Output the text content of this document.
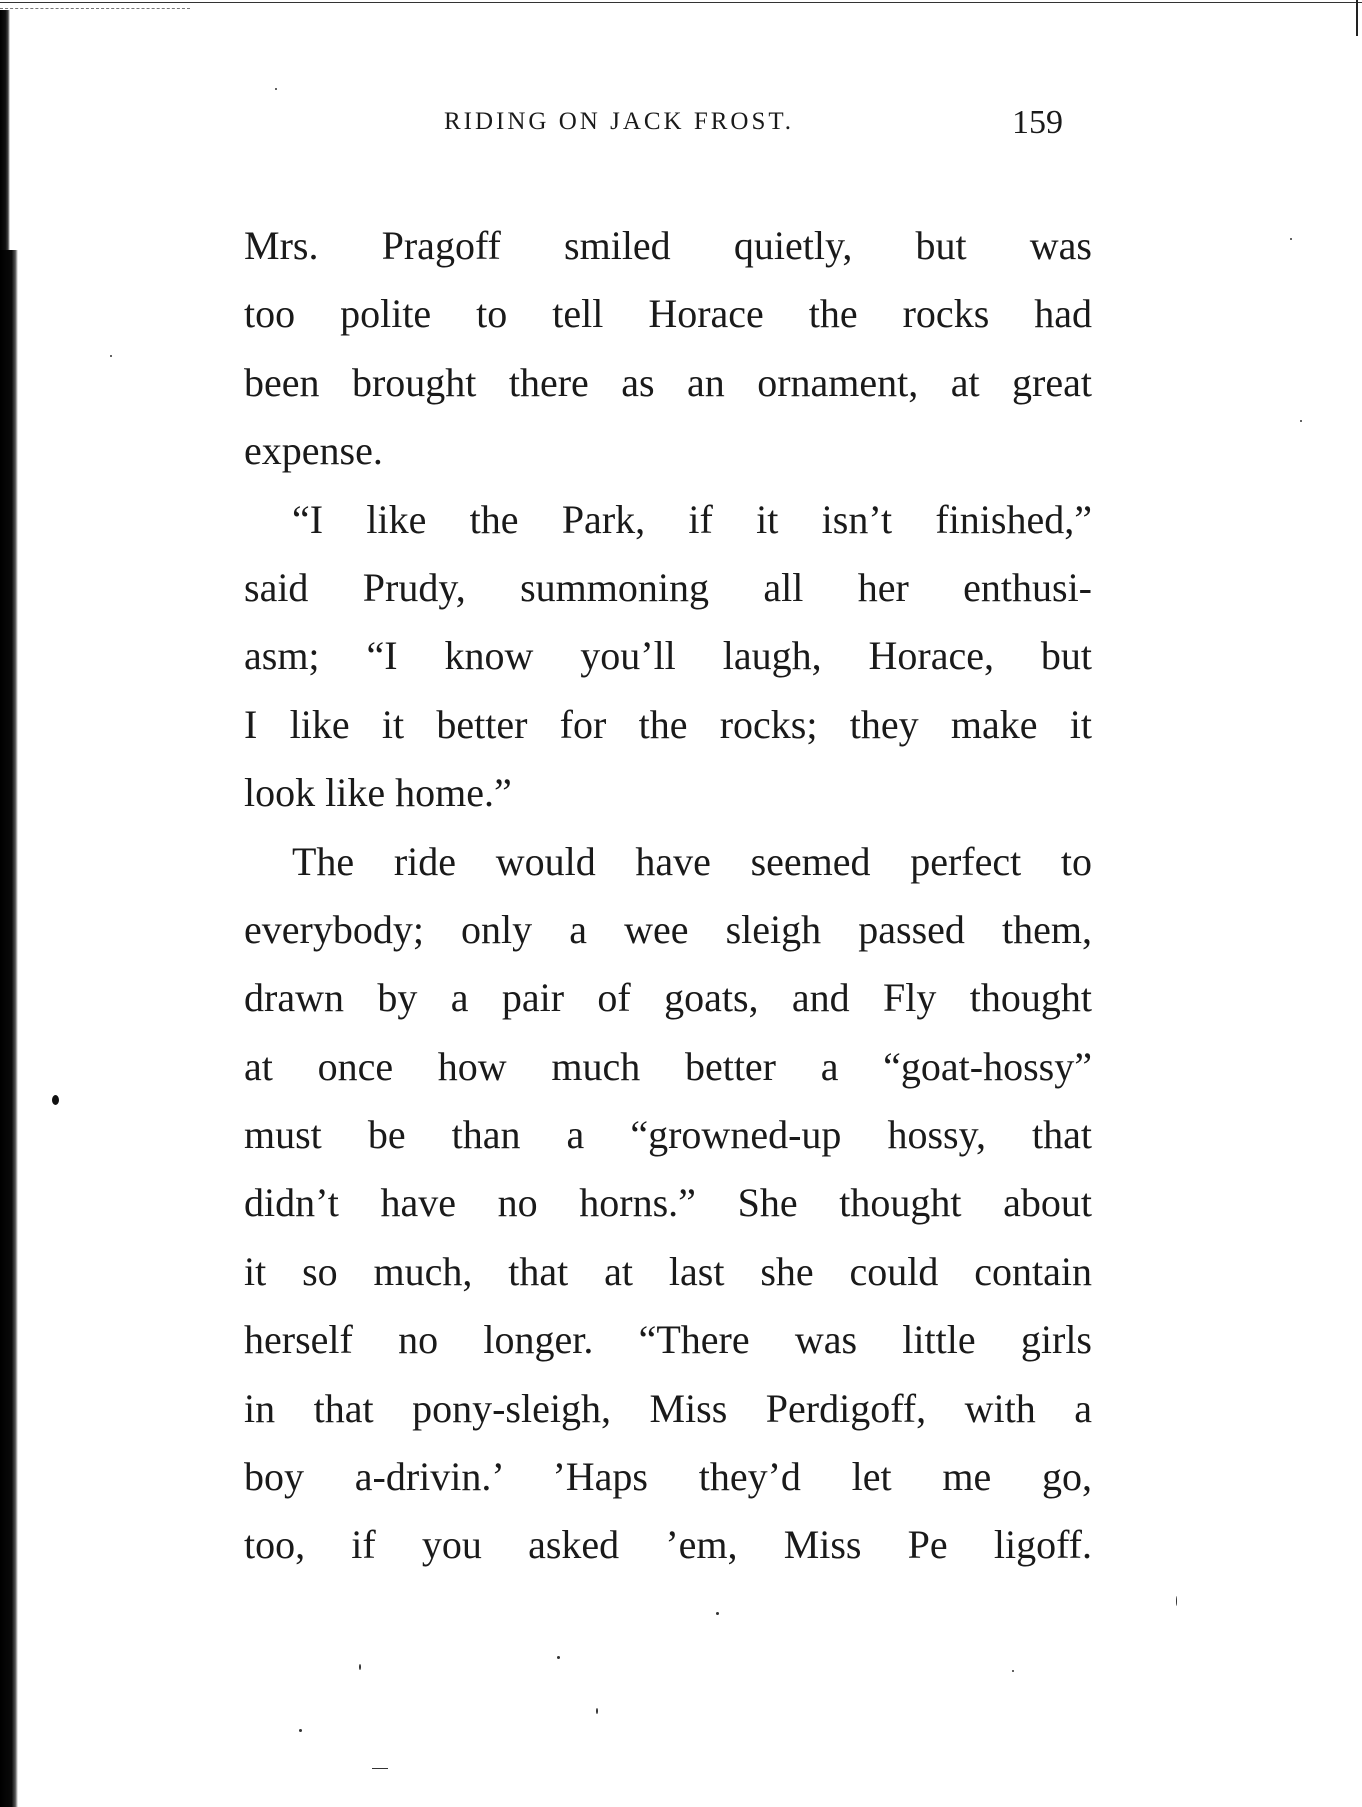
RIDING ON JACK FROST.	159
Mrs. Pragoff smiled quietly, but was
too polite to tell Horace the rocks had
been brought there as an ornament, at great
expense.
“I like the Park, if it isn’t finished,”
said Prudy, summoning all her enthusi-
asm; “I know you’ll laugh, Horace, but
I like it better for the rocks; they make it
look like home.”
The ride would have seemed perfect to
everybody; only a wee sleigh passed them,
drawn by a pair of goats, and Fly thought
at once how much better a “goat-hossy”
must be than a “growned-up hossy, that
didn’t have no horns.” She thought about
it so much, that at last she could contain
herself no longer. “There was little girls
in that pony-sleigh, Miss Perdigoff, with a
boy a-drivin.’ ’Haps they’d let me go,
too, if you asked ’em, Miss Pe ligoff.
